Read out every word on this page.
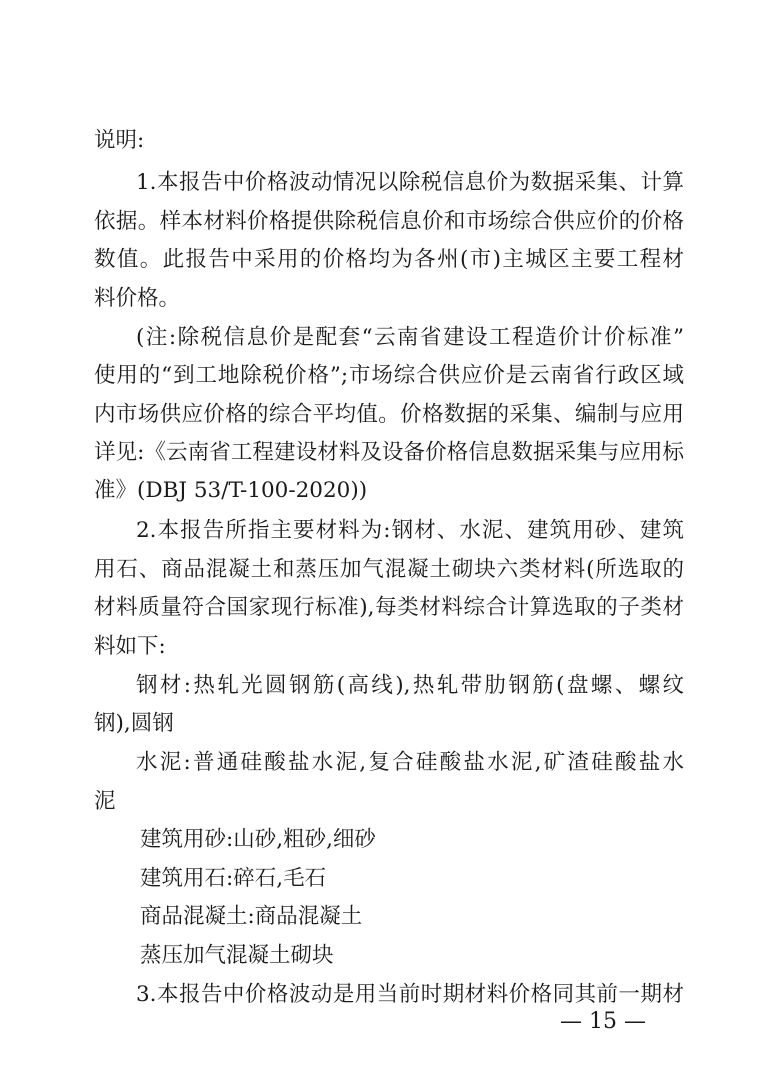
说明:
1.本报告中价格波动情况以除税信息价为数据采集、计算
依据。样本材料价格提供除税信息价和市场综合供应价的价格
数值。此报告中采用的价格均为各州(市)主城区主要工程材
料价格。
(注:除税信息价是配套“云南省建设工程造价计价标准”
使用的“到工地除税价格”;市场综合供应价是云南省行政区域
内市场供应价格的综合平均值。价格数据的采集、编制与应用
详见:《云南省工程建设材料及设备价格信息数据采集与应用标
准》(DBJ 53/T-100-2020))
2.本报告所指主要材料为:钢材、水泥、建筑用砂、建筑
用石、商品混凝土和蒸压加气混凝土砌块六类材料(所选取的
材料质量符合国家现行标准),每类材料综合计算选取的子类材
料如下:
钢材:热轧光圆钢筋(高线),热轧带肋钢筋(盘螺、螺纹
钢),圆钢
水泥:普通硅酸盐水泥,复合硅酸盐水泥,矿渣硅酸盐水
泥
建筑用砂:山砂,粗砂,细砂
建筑用石:碎石,毛石
商品混凝土:商品混凝土
蒸压加气混凝土砌块
3.本报告中价格波动是用当前时期材料价格同其前一期材
— 15 —
